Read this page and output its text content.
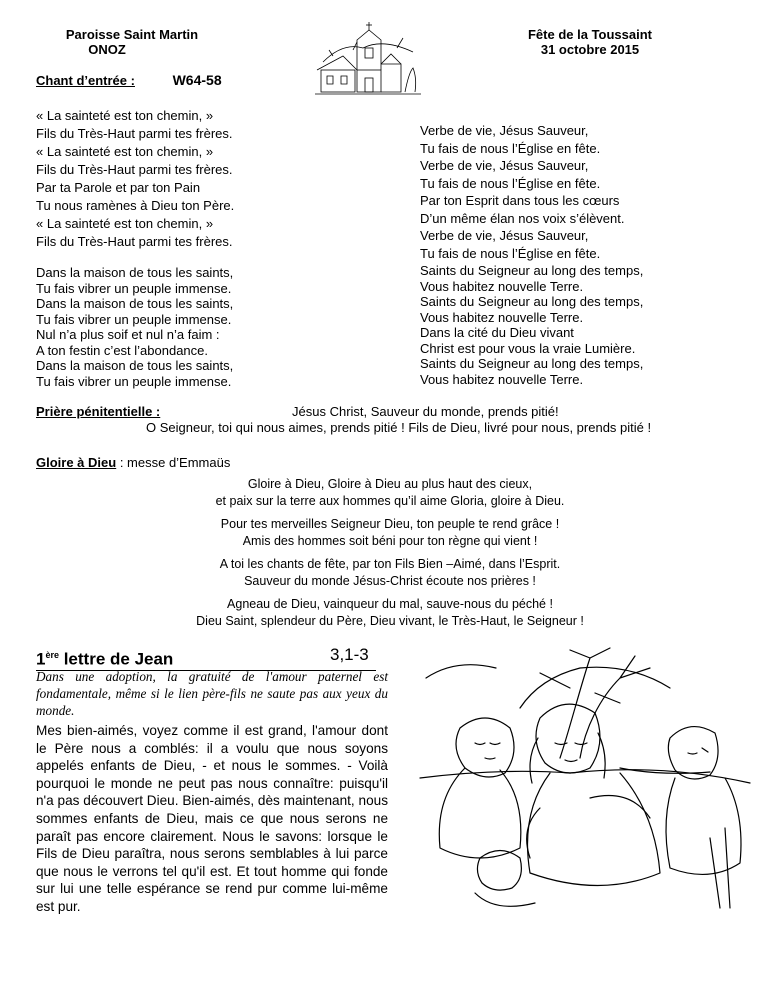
Paroisse Saint Martin
ONOZ
Fête de la Toussaint
31 octobre 2015
Chant d’entrée :	W64-58
« La sainteté est ton chemin, »
Fils du Très-Haut parmi tes frères.
« La sainteté est ton chemin, »
Fils du Très-Haut parmi tes frères.
Par ta Parole et par ton Pain
Tu nous ramènes à Dieu ton Père.
« La sainteté est ton chemin, »
Fils du Très-Haut parmi tes frères.
Verbe de vie, Jésus Sauveur,
Tu fais de nous l’Église en fête.
Verbe de vie, Jésus Sauveur,
Tu fais de nous l’Église en fête.
Par ton Esprit dans tous les cœurs
D’un même élan nos voix s’élèvent.
Verbe de vie, Jésus Sauveur,
Tu fais de nous l’Église en fête.
Dans la maison de tous les saints,
Tu fais vibrer un peuple immense.
Dans la maison de tous les saints,
Tu fais vibrer un peuple immense.
Nul n’a plus soif et nul n’a faim :
A ton festin c’est l’abondance.
Dans la maison de tous les saints,
Tu fais vibrer un peuple immense.
Saints du Seigneur au long des temps,
Vous habitez nouvelle Terre.
Saints du Seigneur au long des temps,
Vous habitez nouvelle Terre.
Dans la cité du Dieu vivant
Christ est pour vous la vraie Lumière.
Saints du Seigneur au long des temps,
Vous habitez nouvelle Terre.
Prière pénitentielle :	Jésus Christ, Sauveur du monde, prends pitié!
O Seigneur, toi qui nous aimes, prends pitié ! Fils de Dieu, livré pour nous, prends pitié !
Gloire à Dieu : messe d’Emmaüs
Gloire à Dieu, Gloire à Dieu au plus haut des cieux,
et paix sur la terre aux hommes qu’il aime Gloria, gloire à Dieu.
Pour tes merveilles Seigneur Dieu, ton peuple te rend grâce !
Amis des hommes soit béni pour ton règne qui vient !
A toi les chants de fête, par ton Fils Bien –Aimé, dans l’Esprit.
Sauveur du monde Jésus-Christ écoute nos prières !
Agneau de Dieu, vainqueur du mal, sauve-nous du péché !
Dieu Saint, splendeur du Père, Dieu vivant, le Très-Haut, le Seigneur !
1ère lettre de Jean	3,1-3
Dans une adoption, la gratuité de l'amour paternel est fondamentale, même si le lien père-fils ne saute pas aux yeux du monde.
Mes bien-aimés, voyez comme il est grand, l'amour dont le Père nous a comblés: il a voulu que nous soyons appelés enfants de Dieu, - et nous le sommes. - Voilà pourquoi le monde ne peut pas nous connaître: puisqu'il n'a pas découvert Dieu. Bien-aimés, dès maintenant, nous sommes enfants de Dieu, mais ce que nous serons ne paraît pas encore clairement. Nous le savons: lorsque le Fils de Dieu paraîtra, nous serons semblables à lui parce que nous le verrons tel qu'il est. Et tout homme qui fonde sur lui une telle espérance se rend pur comme lui-même est pur.
